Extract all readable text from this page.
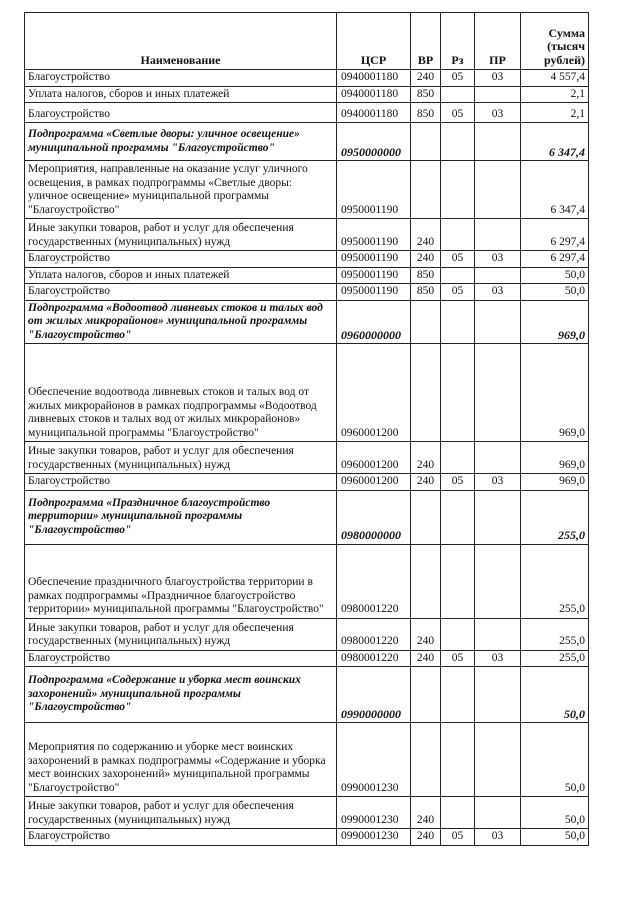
Наименование	ЦСР	ВР	Рз	ПР	Сумма (тысяч рублей)
Благоустройство	0940001180	240	05	03	4 557,4
Уплата налогов, сборов и иных платежей	0940001180	850			2,1
Благоустройство	0940001180	850	05	03	2,1
Подпрограмма «Светлые дворы: уличное освещение» муниципальной программы "Благоустройство"	0950000000				6 347,4
Мероприятия, направленные на оказание услуг уличного освещения, в рамках подпрограммы «Светлые дворы: уличное освещение» муниципальной программы "Благоустройство"	0950001190				6 347,4
Иные закупки товаров, работ и услуг для обеспечения государственных (муниципальных) нужд	0950001190	240			6 297,4
Благоустройство	0950001190	240	05	03	6 297,4
Уплата налогов, сборов и иных платежей	0950001190	850			50,0
Благоустройство	0950001190	850	05	03	50,0
Подпрограмма «Водоотвод ливневых стоков и талых вод от жилых микрорайонов» муниципальной программы "Благоустройство"	0960000000				969,0
Обеспечение водоотвода ливневых стоков и талых вод от жилых микрорайонов в рамках подпрограммы «Водоотвод ливневых стоков и талых вод от жилых микрорайонов» муниципальной программы "Благоустройство"	0960001200				969,0
Иные закупки товаров, работ и услуг для обеспечения государственных (муниципальных) нужд	0960001200	240			969,0
Благоустройство	0960001200	240	05	03	969,0
Подпрограмма «Праздничное благоустройство территории» муниципальной программы "Благоустройство"	0980000000				255,0
Обеспечение праздничного благоустройства территории в рамках подпрограммы «Праздничное благоустройство территории» муниципальной программы "Благоустройство"	0980001220				255,0
Иные закупки товаров, работ и услуг для обеспечения государственных (муниципальных) нужд	0980001220	240			255,0
Благоустройство	0980001220	240	05	03	255,0
Подпрограмма «Содержание и уборка мест воинских захоронений» муниципальной программы "Благоустройство"	0990000000				50,0
Мероприятия по содержанию и уборке мест воинских захоронений в рамках подпрограммы «Содержание и уборка мест воинских захоронений» муниципальной программы "Благоустройство"	0990001230				50,0
Иные закупки товаров, работ и услуг для обеспечения государственных (муниципальных) нужд	0990001230	240			50,0
Благоустройство	0990001230	240	05	03	50,0
